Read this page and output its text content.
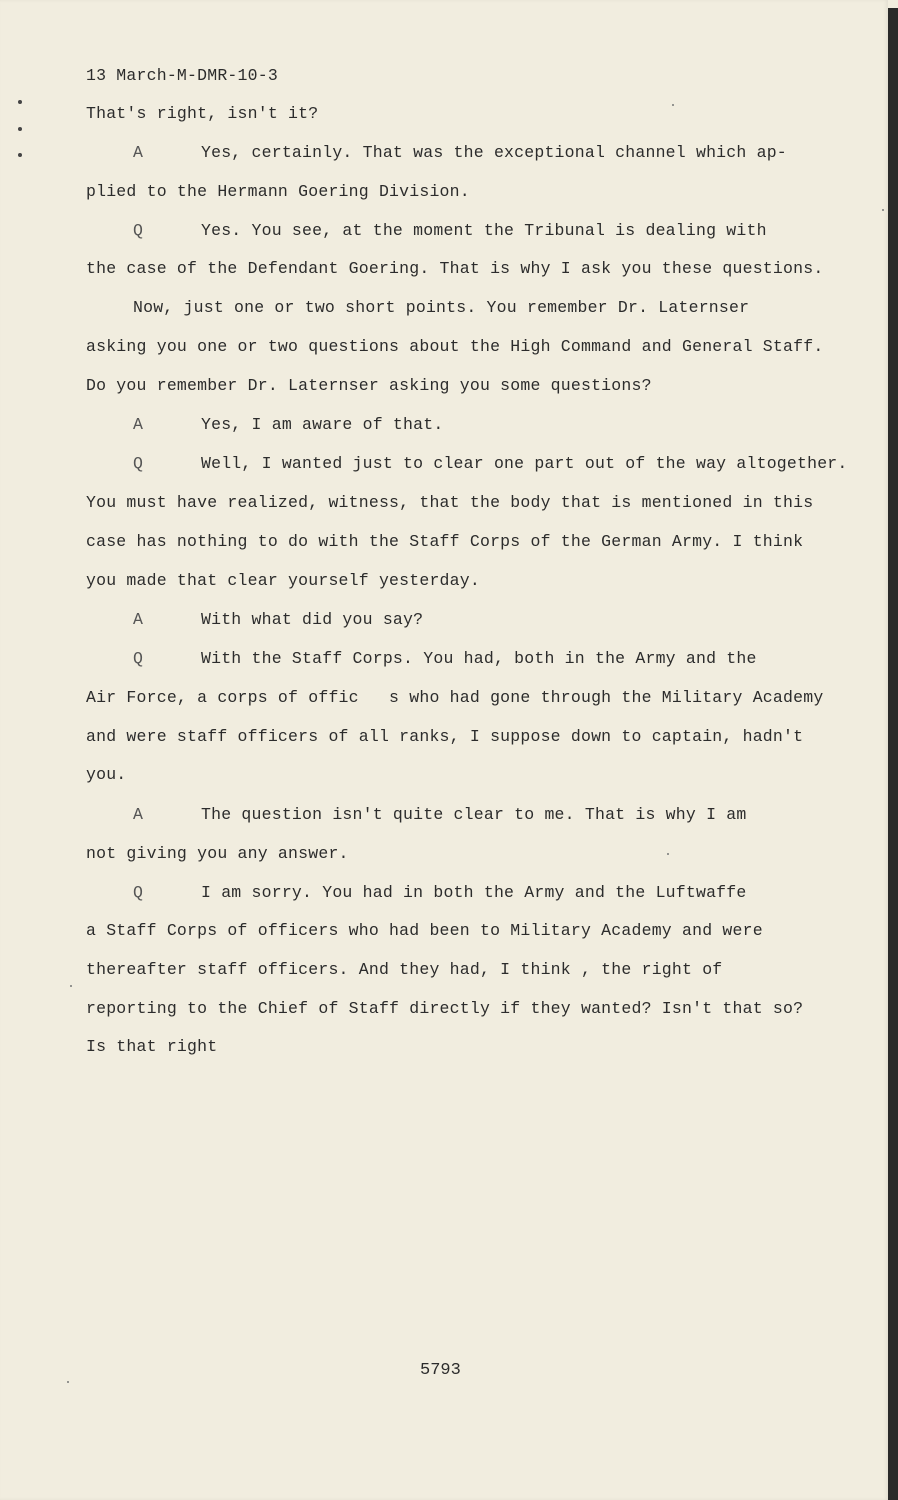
13 March-M-DMR-10-3
That's right, isn't it?
A	Yes, certainly. That was the exceptional channel which ap-
plied to the Hermann Goering Division.
Q	Yes. You see, at the moment the Tribunal is dealing with
the case of the Defendant Goering. That is why I ask you these questions.
Now, just one or two short points. You remember Dr. Laternser
asking you one or two questions about the High Command and General Staff.
Do you remember Dr. Laternser asking you some questions?
A	Yes, I am aware of that.
Q	Well, I wanted just to clear one part out of the way altogether.
You must have realized, witness, that the body that is mentioned in this
case has nothing to do with the Staff Corps of the German Army. I think
you made that clear yourself yesterday.
A	With what did you say?
Q	With the Staff Corps. You had, both in the Army and the
Air Force, a corps of offic   s who had gone through the Military Academy
and were staff officers of all ranks, I suppose down to captain, hadn't
you.
A	The question isn't quite clear to me. That is why I am
not giving you any answer.
Q	I am sorry. You had in both the Army and the Luftwaffe
a Staff Corps of officers who had been to Military Academy and were
thereafter staff officers. And they had, I think , the right of
reporting to the Chief of Staff directly if they wanted? Isn't that so?
Is that right
5793
